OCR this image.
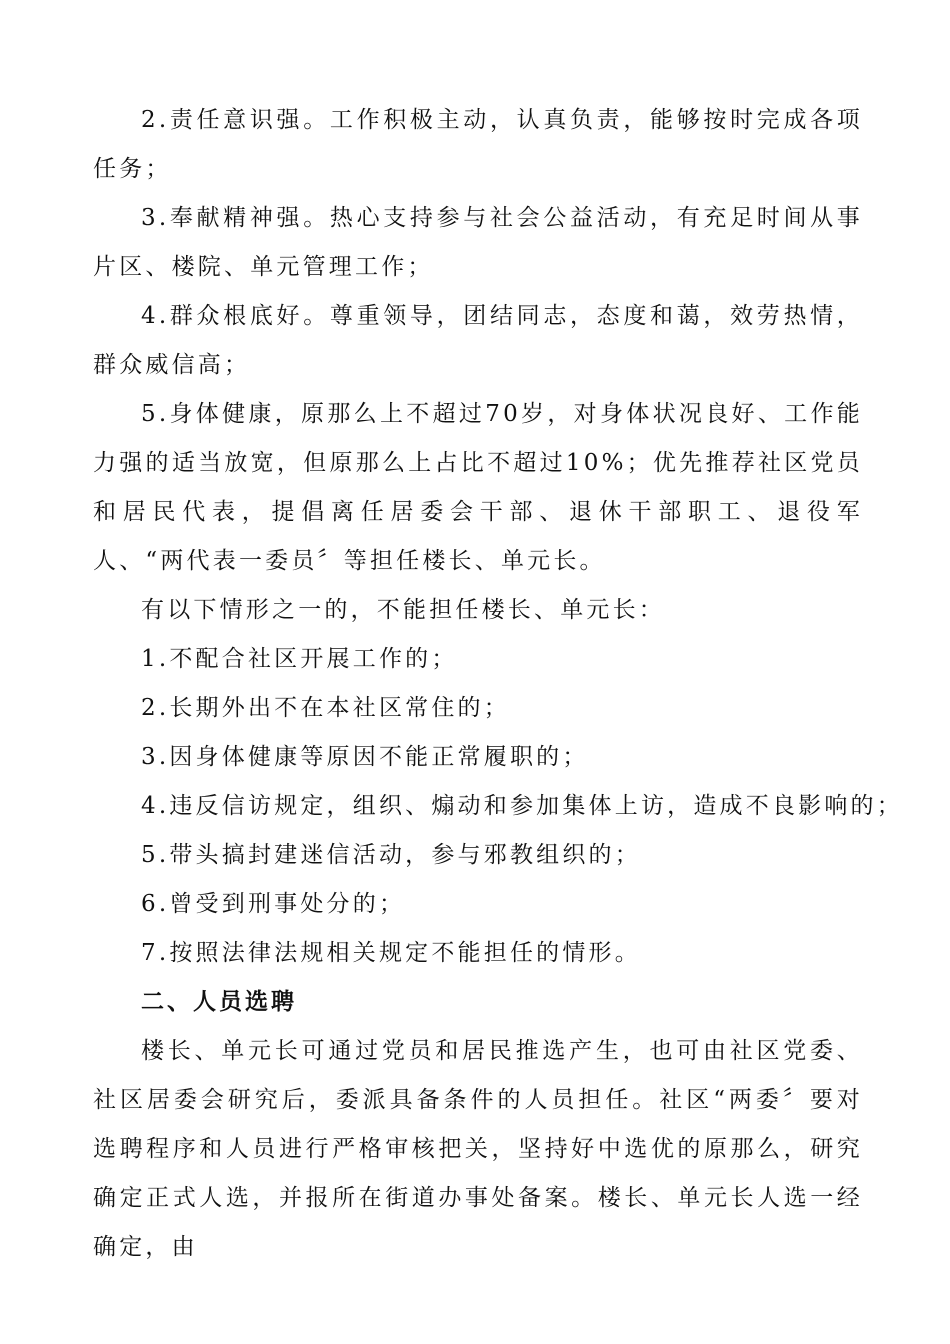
2.责任意识强。工作积极主动，认真负责，能够按时完成各项任务；

3.奉献精神强。热心支持参与社会公益活动，有充足时间从事片区、楼院、单元管理工作；

4.群众根底好。尊重领导，团结同志，态度和蔼，效劳热情，群众威信高；

5.身体健康，原那么上不超过70岁，对身体状况良好、工作能力强的适当放宽，但原那么上占比不超过10%；优先推荐社区党员和居民代表，提倡离任居委会干部、退休干部职工、退役军人、“两代表一委员〞等担任楼长、单元长。

有以下情形之一的，不能担任楼长、单元长：

1.不配合社区开展工作的；

2.长期外出不在本社区常住的；

3.因身体健康等原因不能正常履职的；

4.违反信访规定，组织、煽动和参加集体上访，造成不良影响的；

5.带头搞封建迷信活动，参与邪教组织的；

6.曾受到刑事处分的；

7.按照法律法规相关规定不能担任的情形。

二、人员选聘

楼长、单元长可通过党员和居民推选产生，也可由社区党委、社区居委会研究后，委派具备条件的人员担任。社区“两委〞要对选聘程序和人员进行严格审核把关，坚持好中选优的原那么，研究确定正式人选，并报所在街道办事处备案。楼长、单元长人选一经确定，由
